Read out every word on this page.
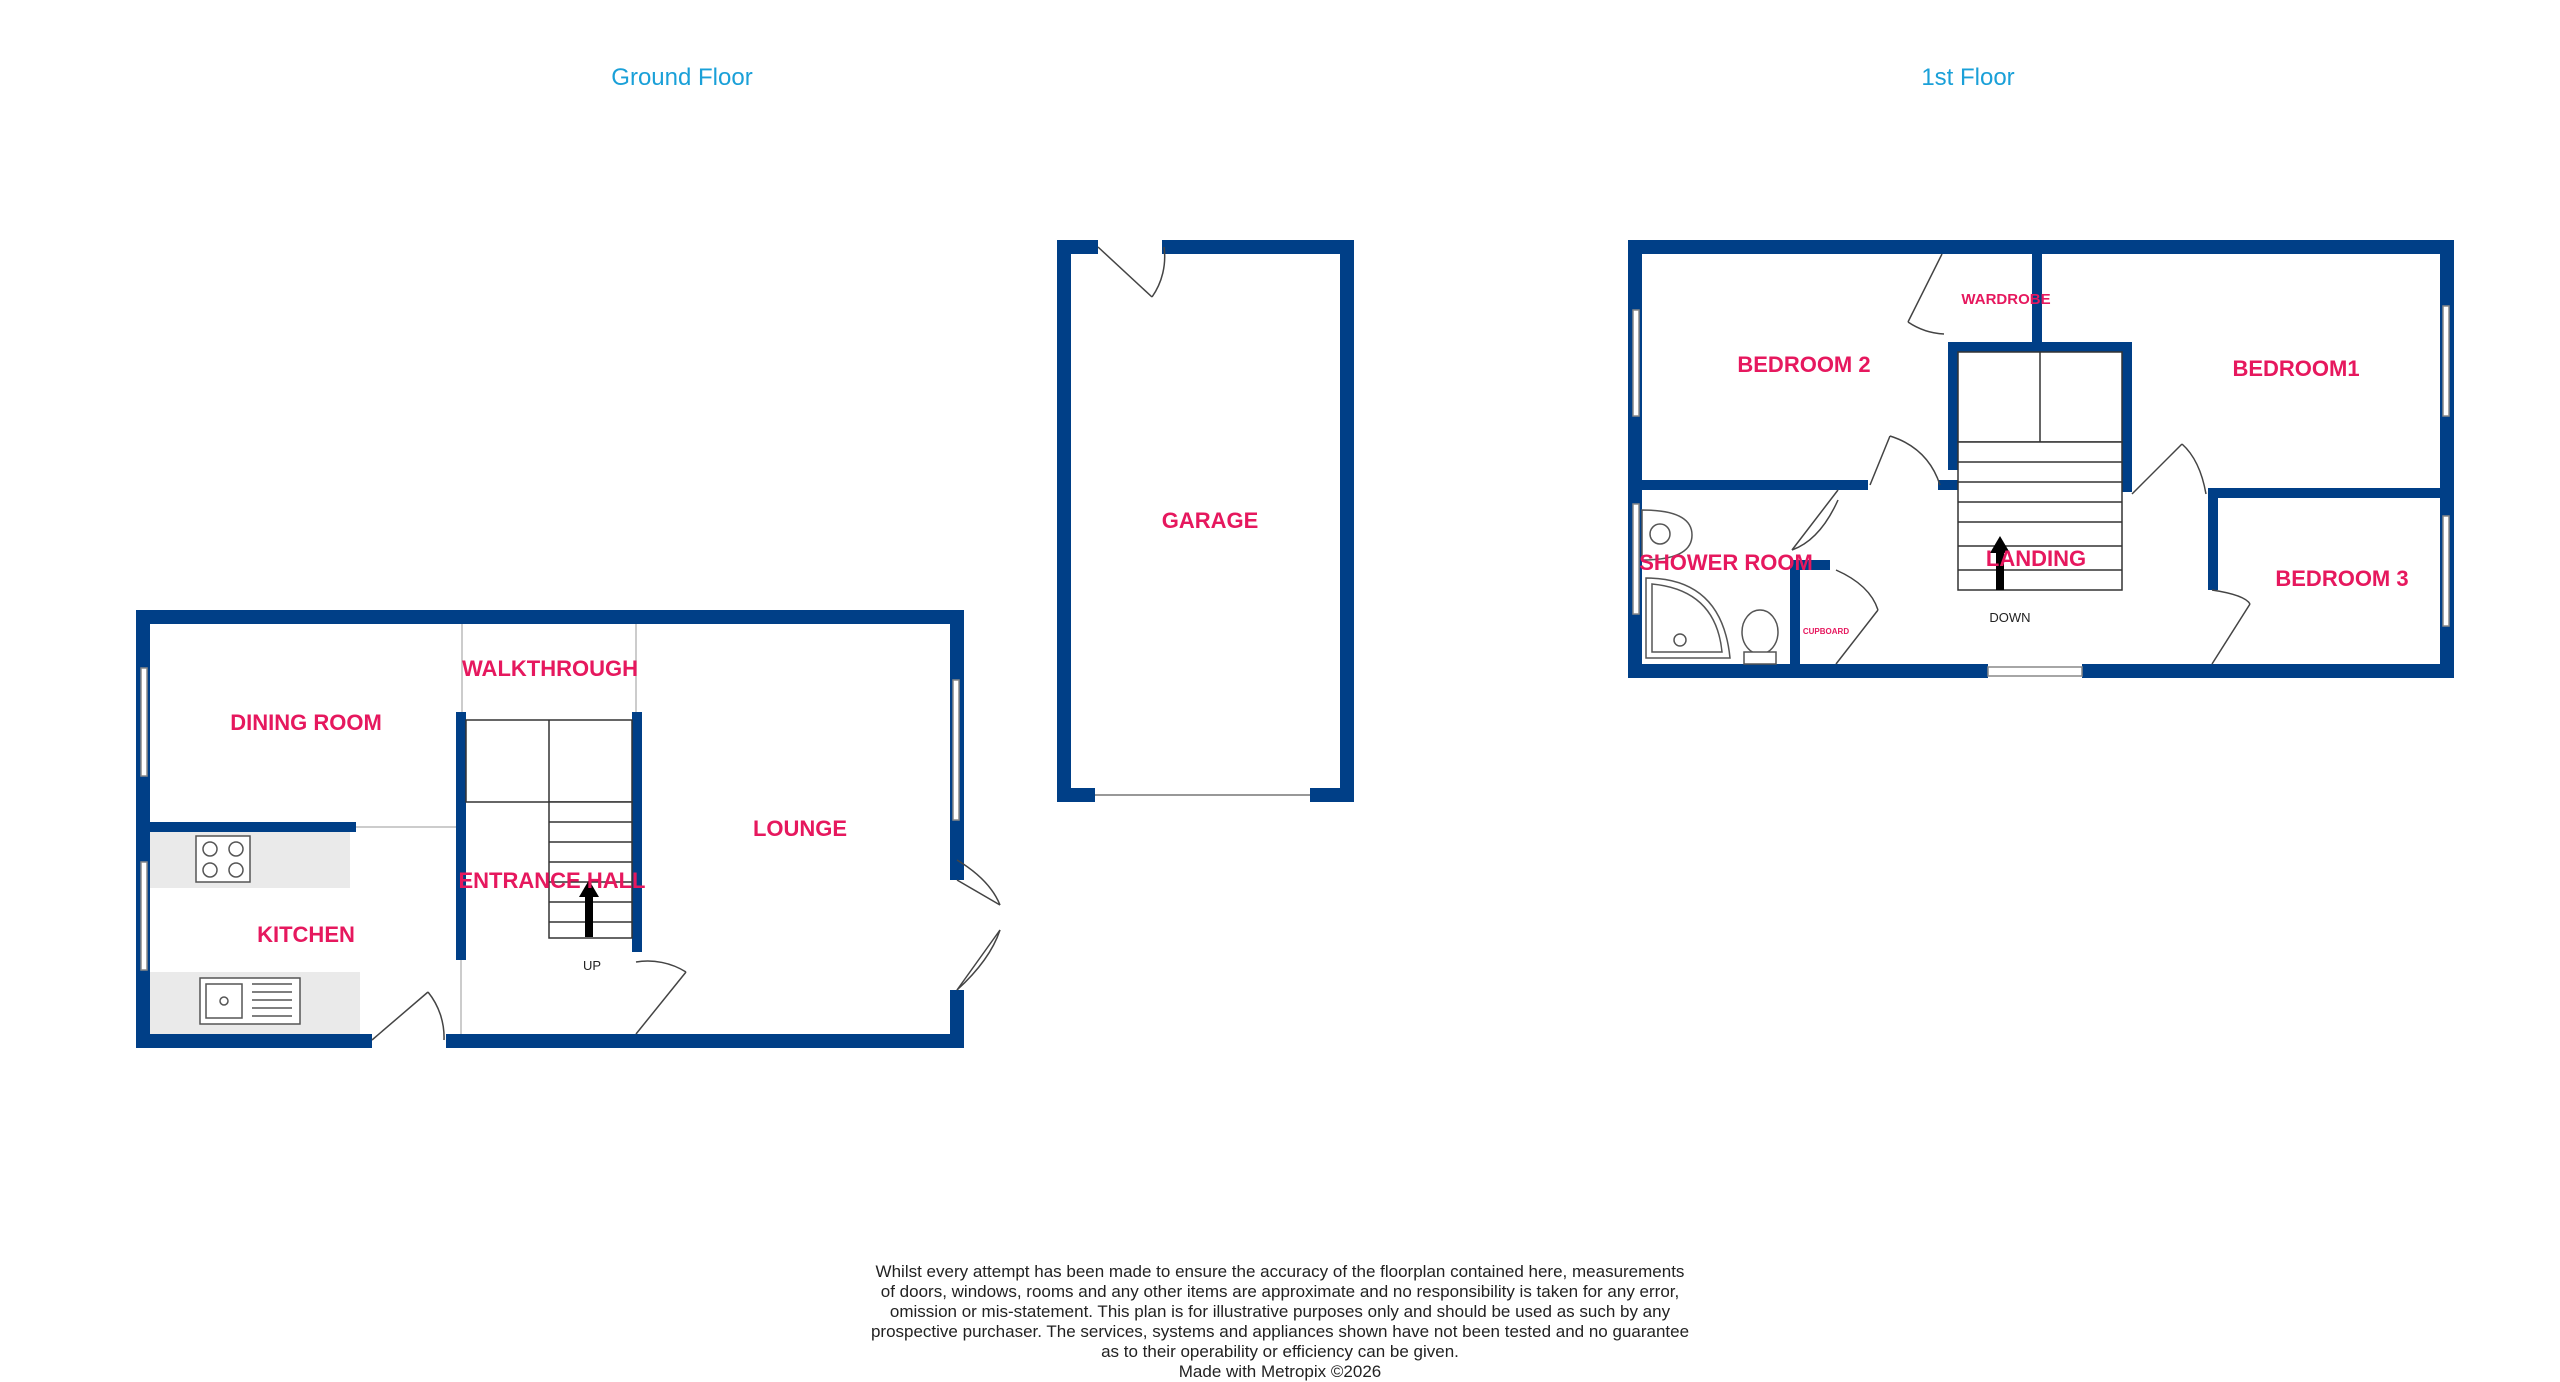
Ground Floor	1st Floor
DINING ROOM
WALKTHROUGH
KITCHEN
ENTRANCE HALL
UP
LOUNGE
GARAGE
BEDROOM 2
WARDROBE
BEDROOM1
SHOWER ROOM	LANDING
DOWN
CUPBOARD
BEDROOM 3
Whilst every attempt has been made to ensure the accuracy of the floorplan contained here, measurements
of doors, windows, rooms and any other items are approximate and no responsibility is taken for any error,
omission or mis-statement. This plan is for illustrative purposes only and should be used as such by any
prospective purchaser. The services, systems and appliances shown have not been tested and no guarantee
as to their operability or efficiency can be given.
Made with Metropix ©2026
